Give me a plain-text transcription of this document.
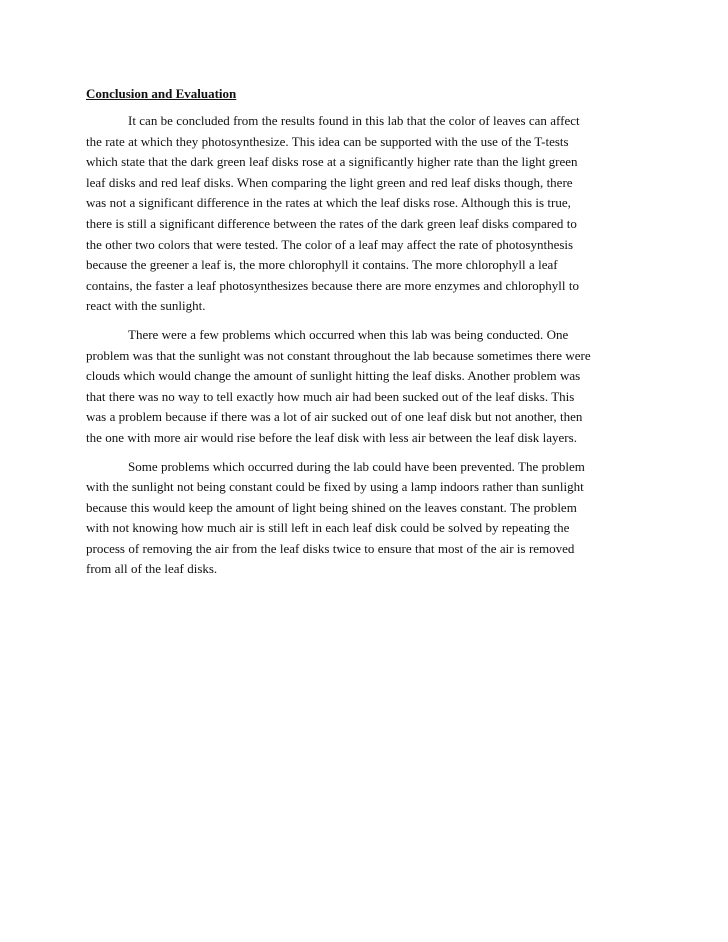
Conclusion and Evaluation
It can be concluded from the results found in this lab that the color of leaves can affect
the rate at which they photosynthesize. This idea can be supported with the use of the T-tests
which state that the dark green leaf disks rose at a significantly higher rate than the light green
leaf disks and red leaf disks. When comparing the light green and red leaf disks though, there
was not a significant difference in the rates at which the leaf disks rose. Although this is true,
there is still a significant difference between the rates of the dark green leaf disks compared to
the other two colors that were tested. The color of a leaf may affect the rate of photosynthesis
because the greener a leaf is, the more chlorophyll it contains. The more chlorophyll a leaf
contains, the faster a leaf photosynthesizes because there are more enzymes and chlorophyll to
react with the sunlight.
There were a few problems which occurred when this lab was being conducted. One
problem was that the sunlight was not constant throughout the lab because sometimes there were
clouds which would change the amount of sunlight hitting the leaf disks. Another problem was
that there was no way to tell exactly how much air had been sucked out of the leaf disks. This
was a problem because if there was a lot of air sucked out of one leaf disk but not another, then
the one with more air would rise before the leaf disk with less air between the leaf disk layers.
Some problems which occurred during the lab could have been prevented. The problem
with the sunlight not being constant could be fixed by using a lamp indoors rather than sunlight
because this would keep the amount of light being shined on the leaves constant. The problem
with not knowing how much air is still left in each leaf disk could be solved by repeating the
process of removing the air from the leaf disks twice to ensure that most of the air is removed
from all of the leaf disks.
